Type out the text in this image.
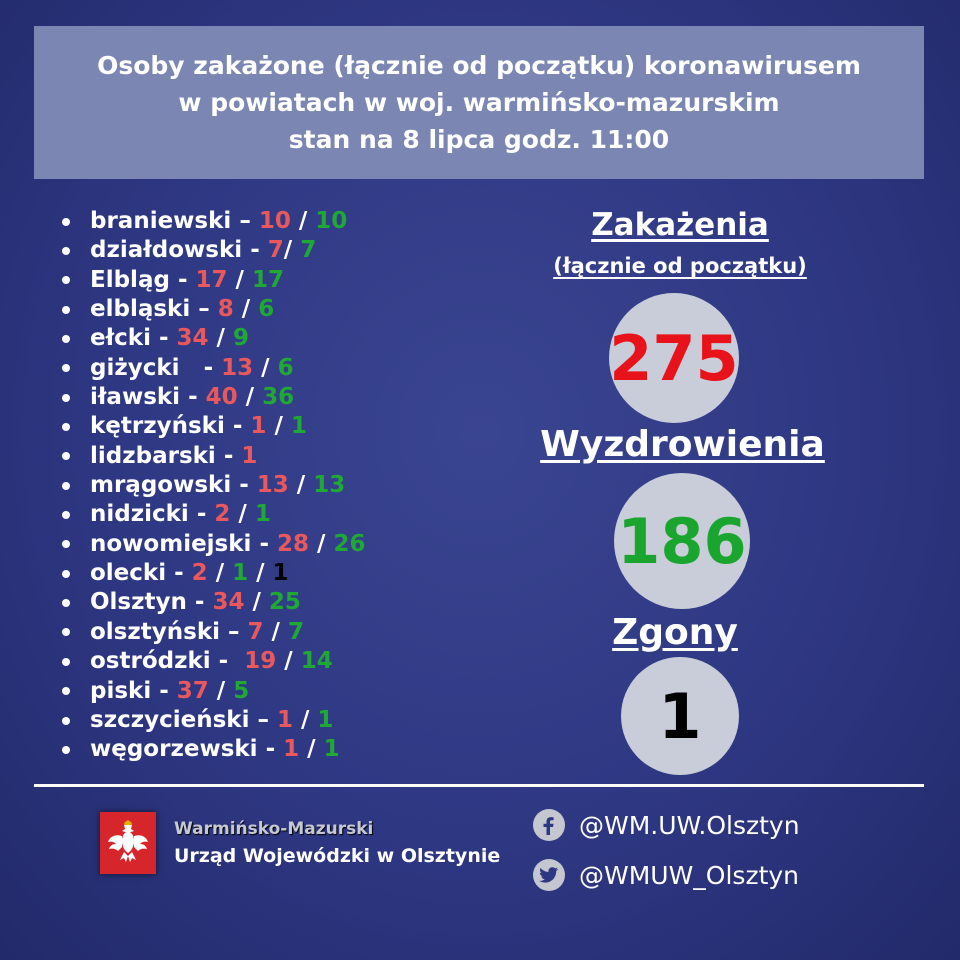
Osoby zakażone (łącznie od początku) koronawirusem
w powiatach w woj. warmińsko-mazurskim
stan na 8 lipca godz. 11:00
braniewski – 10 / 10
działdowski - 7 / 7
Elbląg - 17 / 17
elbląski – 8 / 6
ełcki - 34 / 9
giżycki - 13 / 6
iławski - 40 / 36
kętrzyński - 1 / 1
lidzbarski - 1
mrągowski - 13 / 13
nidzicki - 2 / 1
nowomiejski - 28 / 26
olecki - 2 / 1 / 1
Olsztyn - 34 / 25
olsztyński – 7 / 7
ostródzki - 19 / 14
piski - 37 / 5
szczycieński – 1 / 1
węgorzewski - 1 / 1
Zakażenia
(łącznie od początku)
275
Wyzdrowienia
186
Zgony
1
Warmińsko-Mazurski
Urząd Wojewódzki w Olsztynie
@WM.UW.Olsztyn
@WMUW_Olsztyn
